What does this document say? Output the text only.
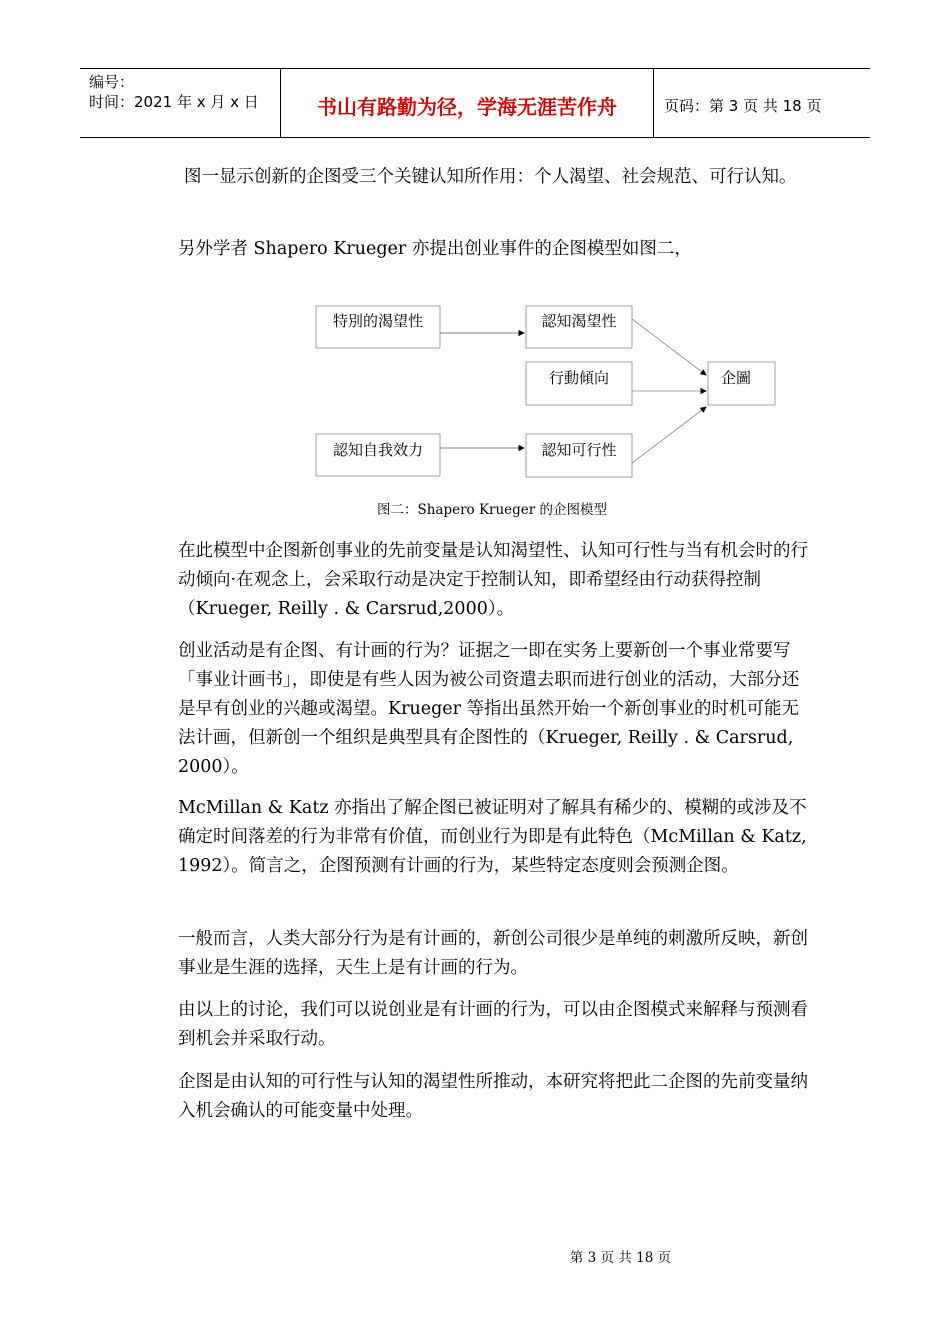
编号：
时间：2021 年 x 月 x 日	书山有路勤为径，学海无涯苦作舟	页码：第 3 页 共 18 页

图一显示创新的企图受三个关键认知所作用：个人渴望、社会规范、可行认知。

另外学者 Shapero Krueger 亦提出创业事件的企图模型如图二，

特別的渴望性	認知渴望性
行動傾向	企圖
認知自我效力	認知可行性
图二：Shapero Krueger 的企图模型

在此模型中企图新创事业的先前变量是认知渴望性、认知可行性与当有机会时的行动倾向·在观念上，会采取行动是决定于控制认知，即希望经由行动获得控制（Krueger, Reilly . & Carsrud,2000）。

创业活动是有企图、有计画的行为？证据之一即在实务上要新创一个事业常要写「事业计画书」，即使是有些人因为被公司资遣去职而进行创业的活动，大部分还是早有创业的兴趣或渴望。Krueger 等指出虽然开始一个新创事业的时机可能无法计画，但新创一个组织是典型具有企图性的（Krueger, Reilly . & Carsrud, 2000）。

McMillan & Katz 亦指出了解企图已被证明对了解具有稀少的、模糊的或涉及不确定时间落差的行为非常有价值，而创业行为即是有此特色（McMillan & Katz, 1992）。简言之，企图预测有计画的行为，某些特定态度则会预测企图。

一般而言，人类大部分行为是有计画的，新创公司很少是单纯的刺激所反映，新创事业是生涯的选择，天生上是有计画的行为。

由以上的讨论，我们可以说创业是有计画的行为，可以由企图模式来解释与预测看到机会并采取行动。

企图是由认知的可行性与认知的渴望性所推动，本研究将把此二企图的先前变量纳入机会确认的可能变量中处理。

第 3 页 共 18 页
